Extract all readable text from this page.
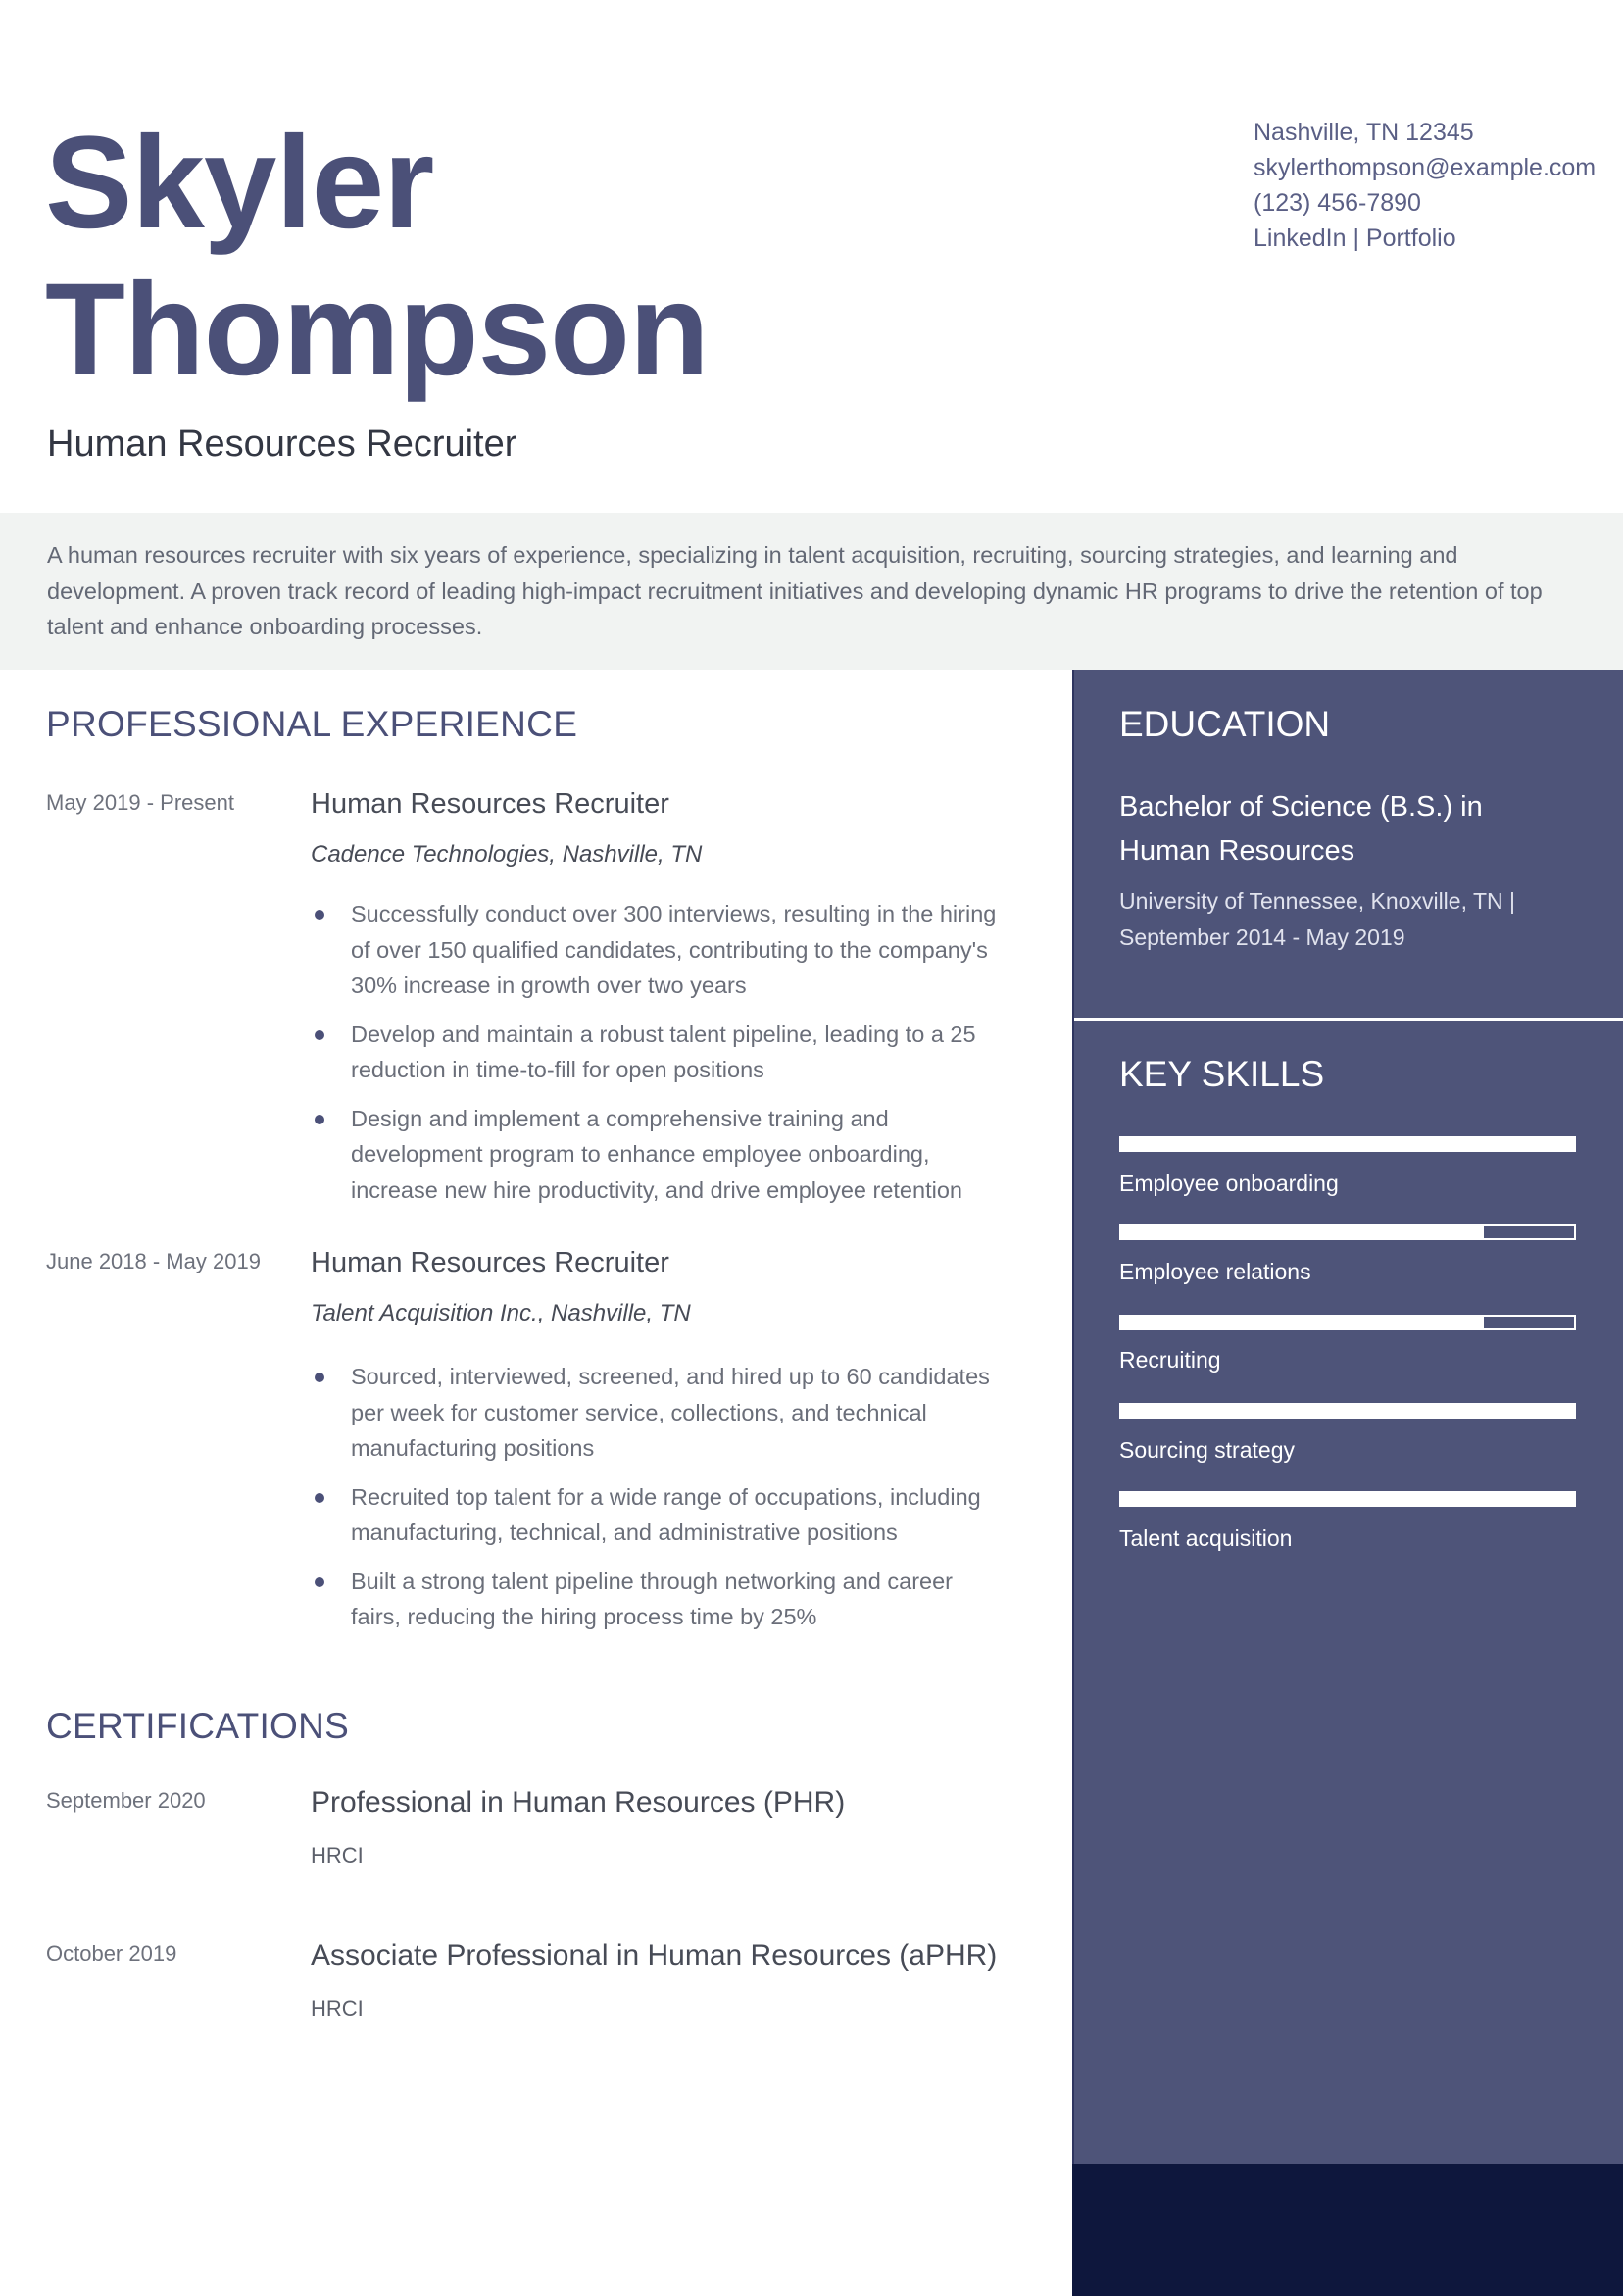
Skyler
Thompson
Human Resources Recruiter
Nashville, TN 12345
skylerthompson@example.com
(123) 456-7890
LinkedIn | Portfolio
A human resources recruiter with six years of experience, specializing in talent acquisition, recruiting, sourcing strategies, and learning and development. A proven track record of leading high-impact recruitment initiatives and developing dynamic HR programs to drive the retention of top talent and enhance onboarding processes.
PROFESSIONAL EXPERIENCE
May 2019 - Present	Human Resources Recruiter
Cadence Technologies, Nashville, TN
Successfully conduct over 300 interviews, resulting in the hiring of over 150 qualified candidates, contributing to the company's 30% increase in growth over two years
Develop and maintain a robust talent pipeline, leading to a 25 reduction in time-to-fill for open positions
Design and implement a comprehensive training and development program to enhance employee onboarding, increase new hire productivity, and drive employee retention
June 2018 - May 2019 Human Resources Recruiter
Talent Acquisition Inc., Nashville, TN
Sourced, interviewed, screened, and hired up to 60 candidates per week for customer service, collections, and technical manufacturing positions
Recruited top talent for a wide range of occupations, including manufacturing, technical, and administrative positions
Built a strong talent pipeline through networking and career fairs, reducing the hiring process time by 25%
CERTIFICATIONS
September 2020	Professional in Human Resources (PHR)
HRCI
October 2019	Associate Professional in Human Resources (aPHR)
HRCI
EDUCATION
Bachelor of Science (B.S.) in Human Resources
University of Tennessee, Knoxville, TN | September 2014 - May 2019
KEY SKILLS
Employee onboarding
Employee relations
Recruiting
Sourcing strategy
Talent acquisition
